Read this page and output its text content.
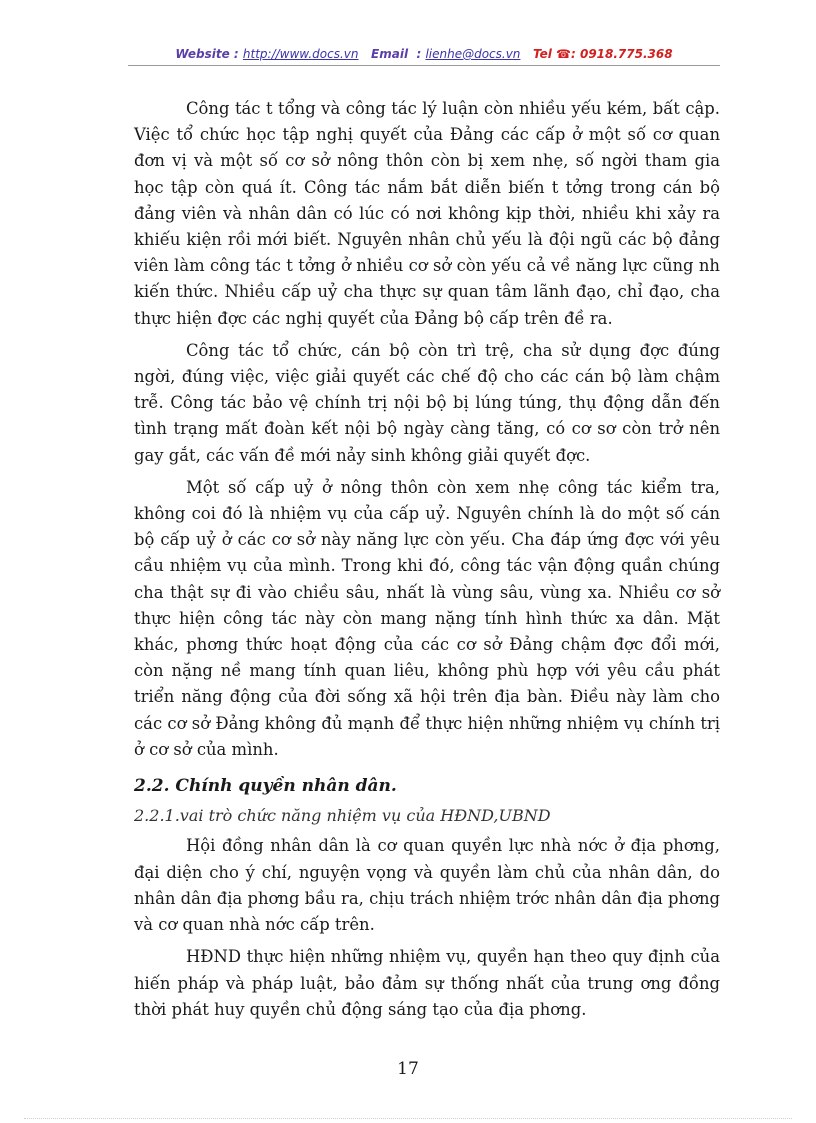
Website : http://www.docs.vn Email : lienhe@docs.vn Tel ☎: 0918.775.368

Công tác t tổng và công tác lý luận còn nhiều yếu kém, bất cập. Việc tổ chức học tập nghị quyết của Đảng các cấp ở một số cơ quan đơn vị và một số cơ sở nông thôn còn bị xem nhẹ, số ngời tham gia học tập còn quá ít. Công tác nắm bắt diễn biến t tởng trong cán bộ đảng viên và nhân dân có lúc có nơi không kịp thời, nhiều khi xảy ra khiếu kiện rồi mới biết. Nguyên nhân chủ yếu là đội ngũ các bộ đảng viên làm công tác t tởng ở nhiều cơ sở còn yếu cả về năng lực cũng nh kiến thức. Nhiều cấp uỷ cha thực sự quan tâm lãnh đạo, chỉ đạo, cha thực hiện đợc các nghị quyết của Đảng bộ cấp trên đề ra.

Công tác tổ chức, cán bộ còn trì trệ, cha sử dụng đợc đúng ngời, đúng việc, việc giải quyết các chế độ cho các cán bộ làm chậm trễ. Công tác bảo vệ chính trị nội bộ bị lúng túng, thụ động dẫn đến tình trạng mất đoàn kết nội bộ ngày càng tăng, có cơ sơ còn trở nên gay gắt, các vấn đề mới nảy sinh không giải quyết đợc.

Một số cấp uỷ ở nông thôn còn xem nhẹ công tác kiểm tra, không coi đó là nhiệm vụ của cấp uỷ. Nguyên chính là do một số cán bộ cấp uỷ ở các cơ sở này năng lực còn yếu. Cha đáp ứng đợc với yêu cầu nhiệm vụ của mình. Trong khi đó, công tác vận động quần chúng cha thật sự đi vào chiều sâu, nhất là vùng sâu, vùng xa. Nhiều cơ sở thực hiện công tác này còn mang nặng tính hình thức xa dân. Mặt khác, phơng thức hoạt động của các cơ sở Đảng chậm đợc đổi mới, còn nặng nề mang tính quan liêu, không phù hợp với yêu cầu phát triển năng động của đời sống xã hội trên địa bàn. Điều này làm cho các cơ sở Đảng không đủ mạnh để thực hiện những nhiệm vụ chính trị ở cơ sở của mình.

2.2. Chính quyền nhân dân.
2.2.1.vai trò chức năng nhiệm vụ của HĐND,UBND

Hội đồng nhân dân là cơ quan quyền lực nhà nớc ở địa phơng, đại diện cho ý chí, nguyện vọng và quyền làm chủ của nhân dân, do nhân dân địa phơng bầu ra, chịu trách nhiệm trớc nhân dân địa phơng và cơ quan nhà nớc cấp trên.

HĐND thực hiện những nhiệm vụ, quyền hạn theo quy định của hiến pháp và pháp luật, bảo đảm sự thống nhất của trung ơng đồng thời phát huy quyền chủ động sáng tạo của địa phơng.

17
